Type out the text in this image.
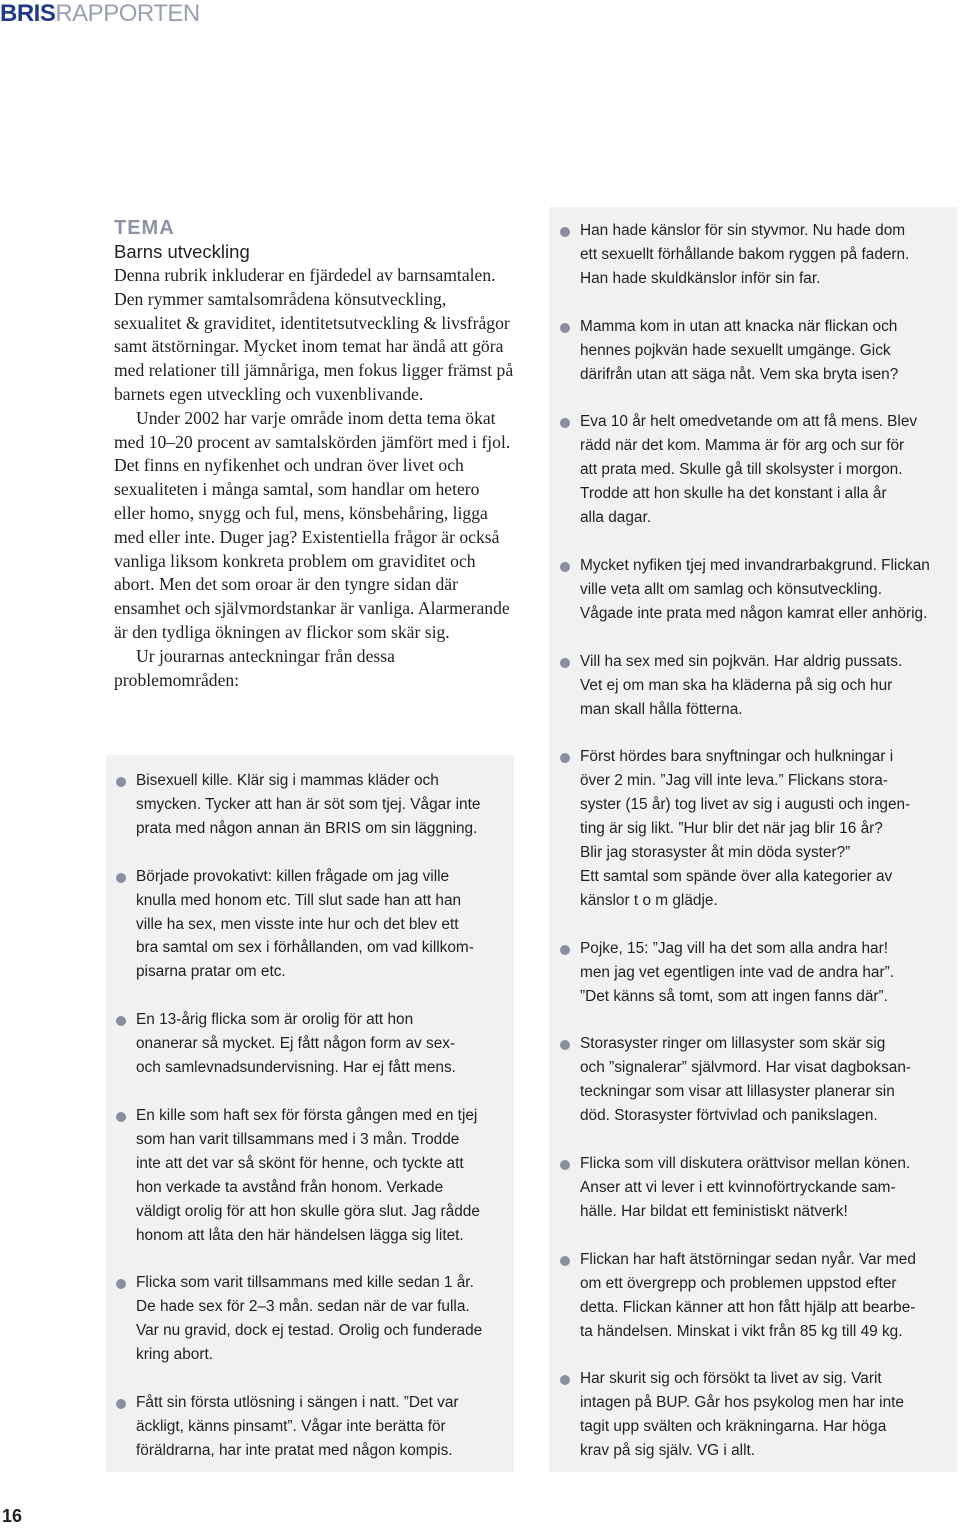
BRISRAPPORTEN
TEMA
Barns utveckling

Denna rubrik inkluderar en fjärdedel av barnsamtalen. Den rymmer samtalsområdena könsutveckling, sexualitet & graviditet, identitetsutveckling & livsfrågor samt ätstörningar. Mycket inom temat har ändå att göra med relationer till jämnåriga, men fokus ligger främst på barnets egen utveckling och vuxenblivande.

Under 2002 har varje område inom detta tema ökat med 10–20 procent av samtalskörden jämfört med i fjol. Det finns en nyfikenhet och undran över livet och sexualiteten i många samtal, som handlar om hetero eller homo, snygg och ful, mens, könsbehåring, ligga med eller inte. Duger jag? Existentiella frågor är också vanliga liksom konkreta problem om graviditet och abort. Men det som oroar är den tyngre sidan där ensamhet och självmordstankar är vanliga. Alarmerande är den tydliga ökningen av flickor som skär sig.

Ur jourarnas anteckningar från dessa problemområden:

Bisexuell kille. Klär sig i mammas kläder och
smycken. Tycker att han är söt som tjej. Vågar inte
prata med någon annan än BRIS om sin läggning.

Började provokativt: killen frågade om jag ville
knulla med honom etc. Till slut sade han att han
ville ha sex, men visste inte hur och det blev ett
bra samtal om sex i förhållanden, om vad killkom-
pisarna pratar om etc.

En 13-årig flicka som är orolig för att hon
onanerar så mycket. Ej fått någon form av sex-
och samlevnadsundervisning. Har ej fått mens.

En kille som haft sex för första gången med en tjej
som han varit tillsammans med i 3 mån. Trodde
inte att det var så skönt för henne, och tyckte att
hon verkade ta avstånd från honom. Verkade
väldigt orolig för att hon skulle göra slut. Jag rådde
honom att låta den här händelsen lägga sig litet.

Flicka som varit tillsammans med kille sedan 1 år.
De hade sex för 2–3 mån. sedan när de var fulla.
Var nu gravid, dock ej testad. Orolig och funderade
kring abort.

Fått sin första utlösning i sängen i natt. ”Det var
äckligt, känns pinsamt”. Vågar inte berätta för
föräldrarna, har inte pratat med någon kompis.

Han hade känslor för sin styvmor. Nu hade dom
ett sexuellt förhållande bakom ryggen på fadern.
Han hade skuldkänslor inför sin far.

Mamma kom in utan att knacka när flickan och
hennes pojkvän hade sexuellt umgänge. Gick
därifrån utan att säga nåt. Vem ska bryta isen?

Eva 10 år helt omedvetande om att få mens. Blev
rädd när det kom. Mamma är för arg och sur för
att prata med. Skulle gå till skolsyster i morgon.
Trodde att hon skulle ha det konstant i alla år
alla dagar.

Mycket nyfiken tjej med invandrarbakgrund. Flickan
ville veta allt om samlag och könsutveckling.
Vågade inte prata med någon kamrat eller anhörig.

Vill ha sex med sin pojkvän. Har aldrig pussats.
Vet ej om man ska ha kläderna på sig och hur
man skall hålla fötterna.

Först hördes bara snyftningar och hulkningar i
över 2 min. ”Jag vill inte leva.” Flickans stora-
syster (15 år) tog livet av sig i augusti och ingen-
ting är sig likt. ”Hur blir det när jag blir 16 år?
Blir jag storasyster åt min döda syster?”
Ett samtal som spände över alla kategorier av
känslor t o m glädje.

Pojke, 15: ”Jag vill ha det som alla andra har!
men jag vet egentligen inte vad de andra har”.
”Det känns så tomt, som att ingen fanns där”.

Storasyster ringer om lillasyster som skär sig
och ”signalerar” självmord. Har visat dagboksan-
teckningar som visar att lillasyster planerar sin
död. Storasyster förtvivlad och panikslagen.

Flicka som vill diskutera orättvisor mellan könen.
Anser att vi lever i ett kvinnoförtryckande sam-
hälle. Har bildat ett feministiskt nätverk!

Flickan har haft ätstörningar sedan nyår. Var med
om ett övergrepp och problemen uppstod efter
detta. Flickan känner att hon fått hjälp att bearbe-
ta händelsen. Minskat i vikt från 85 kg till 49 kg.

Har skurit sig och försökt ta livet av sig. Varit
intagen på BUP. Går hos psykolog men har inte
tagit upp svälten och kräkningarna. Har höga
krav på sig själv. VG i allt.

16
